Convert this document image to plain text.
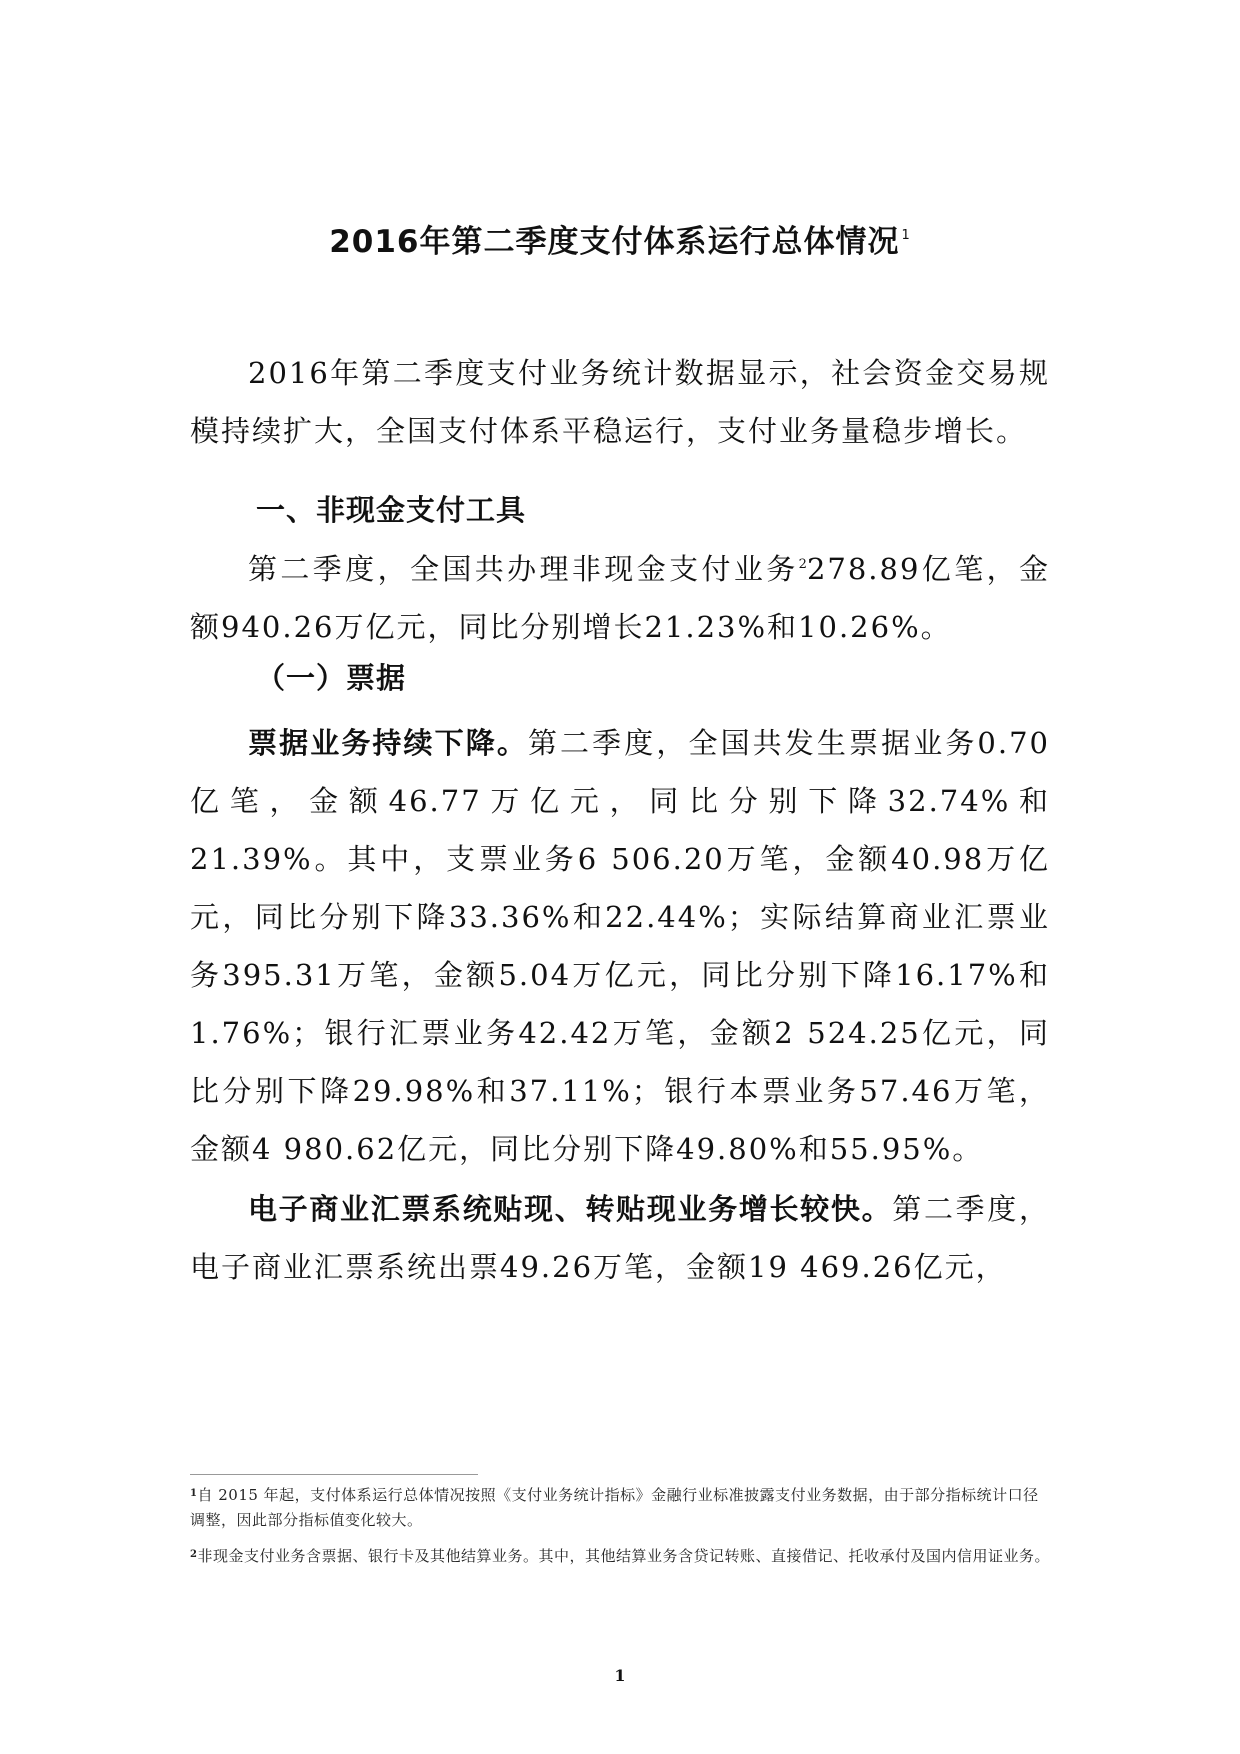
2016年第二季度支付体系运行总体情况 $^1$

2016年第二季度支付业务统计数据显示，社会资金交易规模持续扩大，全国支付体系平稳运行，支付业务量稳步增长。

一、非现金支付工具

第二季度，全国共办理非现金支付业务$^2$278.89亿笔，金额940.26万亿元，同比分别增长21.23%和10.26%。

（一）票据

票据业务持续下降。第二季度，全国共发生票据业务0.70亿笔，金额46.77万亿元，同比分别下降32.74%和21.39%。其中，支票业务6 506.20万笔，金额40.98万亿元，同比分别下降33.36%和22.44%；实际结算商业汇票业务395.31万笔，金额5.04万亿元，同比分别下降16.17%和1.76%；银行汇票业务42.42万笔，金额2 524.25亿元，同比分别下降29.98%和37.11%；银行本票业务57.46万笔，金额4 980.62亿元，同比分别下降49.80%和55.95%。

电子商业汇票系统贴现、转贴现业务增长较快。第二季度，电子商业汇票系统出票49.26万笔，金额19 469.26亿元，

$^1$自 2015 年起，支付体系运行总体情况按照《支付业务统计指标》金融行业标准披露支付业务数据，由于部分指标统计口径调整，因此部分指标值变化较大。
$^2$非现金支付业务含票据、银行卡及其他结算业务。其中，其他结算业务含贷记转账、直接借记、托收承付及国内信用证业务。
1
